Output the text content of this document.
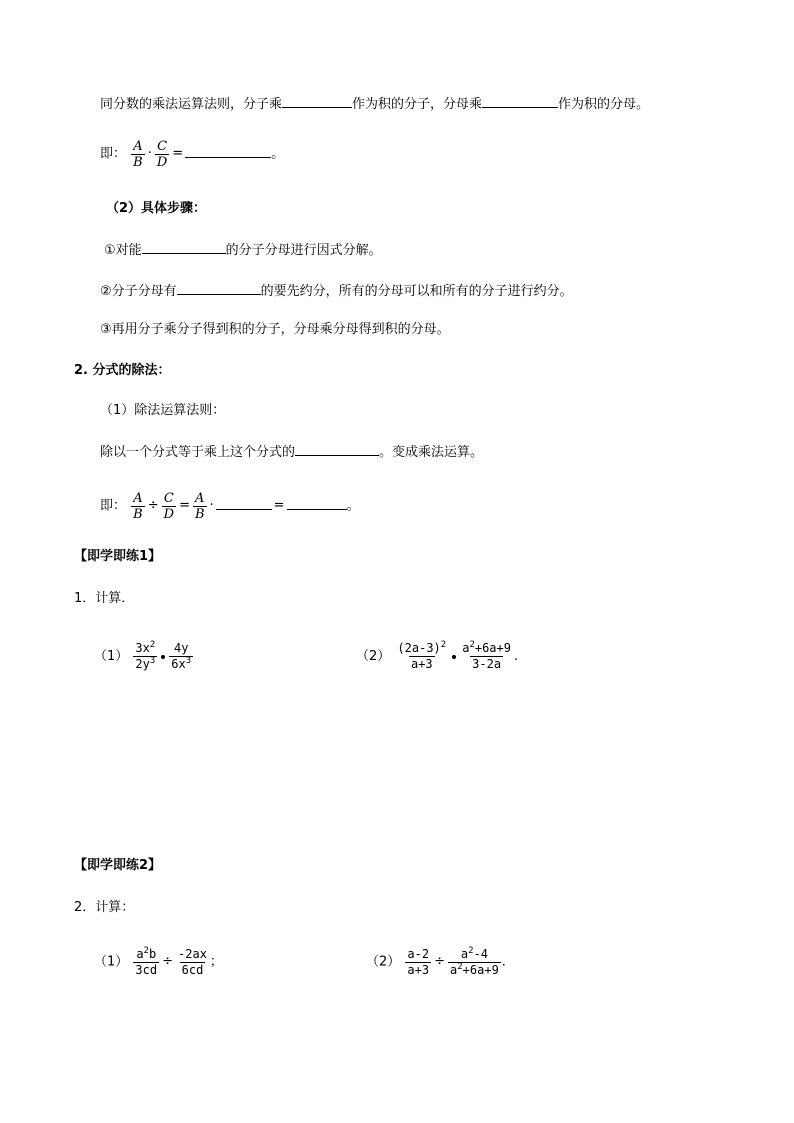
同分数的乘法运算法则，分子乘	作为积的分子，分母乘	作为积的分母。
即： $\frac{A}{B} \cdot \frac{C}{D}$ =	。
（2）具体步骤：
①对能	的分子分母进行因式分解。
②分子分母有	的要先约分，所有的分母可以和所有的分子进行约分。
③再用分子乘分子得到积的分子，分母乘分母得到积的分母。
2. 分式的除法：
（1）除法运算法则：
除以一个分式等于乘上这个分式的	。变成乘法运算。
即： $\frac{A}{B} \div \frac{C}{D} = \frac{A}{B}$ ·	=	。
【即学即练1】
1．计算．
$(1) \frac{3x^2}{2y^3} \frac{4y}{6x^3}$	$(2) \frac{(2a-3)^2}{a+3} \frac{a^2+6a+9}{3-2a}$ .
【即学即练2】
2．计算：
$(1) \frac{a^2b}{3cd} \div \frac{-2ax}{6cd}$ ；	$(2) \frac{a-2}{a+3} \div \frac{a^2-4}{a^2+6a+9}$ .
